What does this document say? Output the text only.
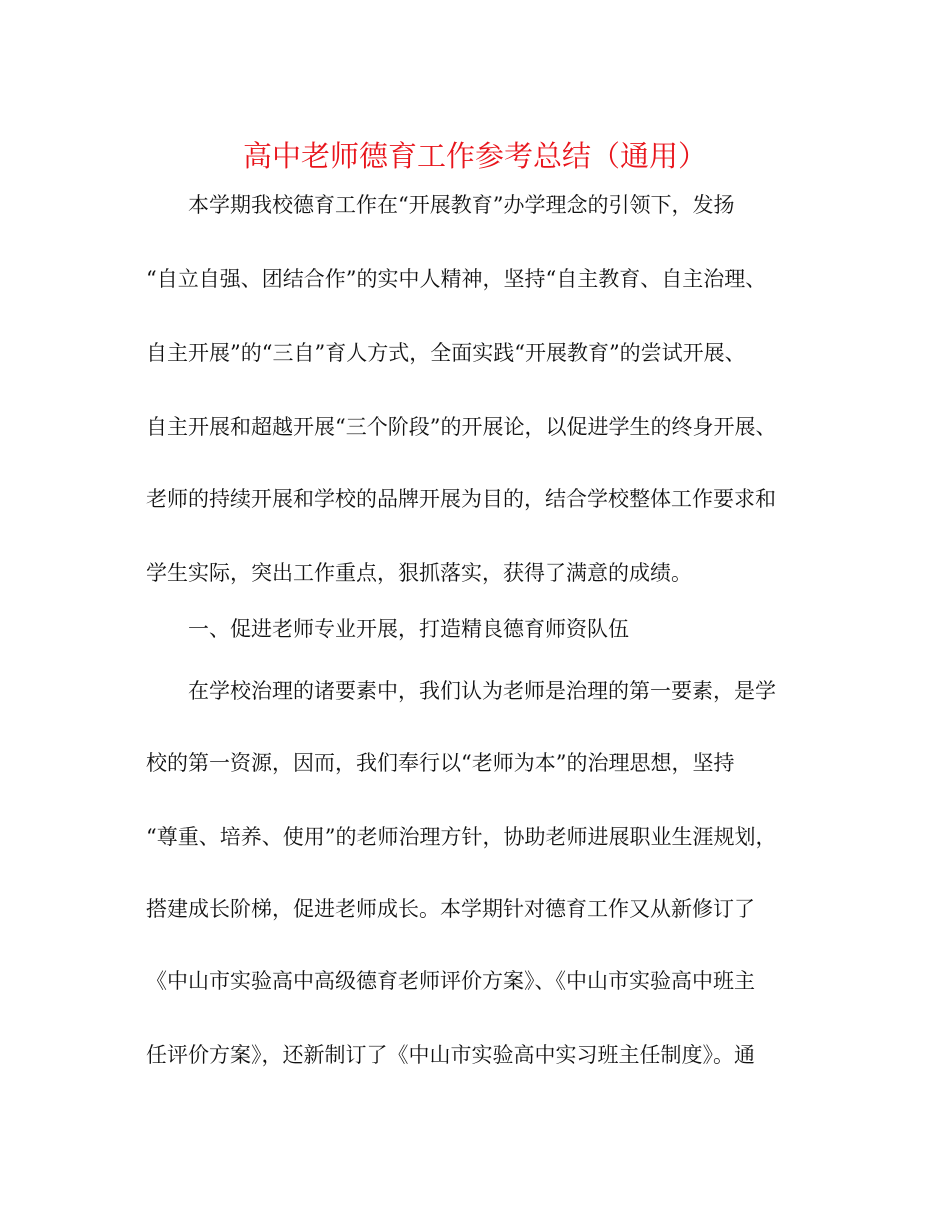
高中老师德育工作参考总结（通用）

本学期我校德育工作在“开展教育”办学理念的引领下，发扬

“自立自强、团结合作”的实中人精神，坚持“自主教育、自主治理、

自主开展”的“三自”育人方式，全面实践“开展教育”的尝试开展、

自主开展和超越开展“三个阶段”的开展论，以促进学生的终身开展、

老师的持续开展和学校的品牌开展为目的，结合学校整体工作要求和

学生实际，突出工作重点，狠抓落实，获得了满意的成绩。

一、促进老师专业开展，打造精良德育师资队伍

在学校治理的诸要素中，我们认为老师是治理的第一要素，是学

校的第一资源，因而，我们奉行以“老师为本”的治理思想，坚持

“尊重、培养、使用”的老师治理方针，协助老师进展职业生涯规划，

搭建成长阶梯，促进老师成长。本学期针对德育工作又从新修订了

《中山市实验高中高级德育老师评价方案》、《中山市实验高中班主

任评价方案》，还新制订了《中山市实验高中实习班主任制度》。通
